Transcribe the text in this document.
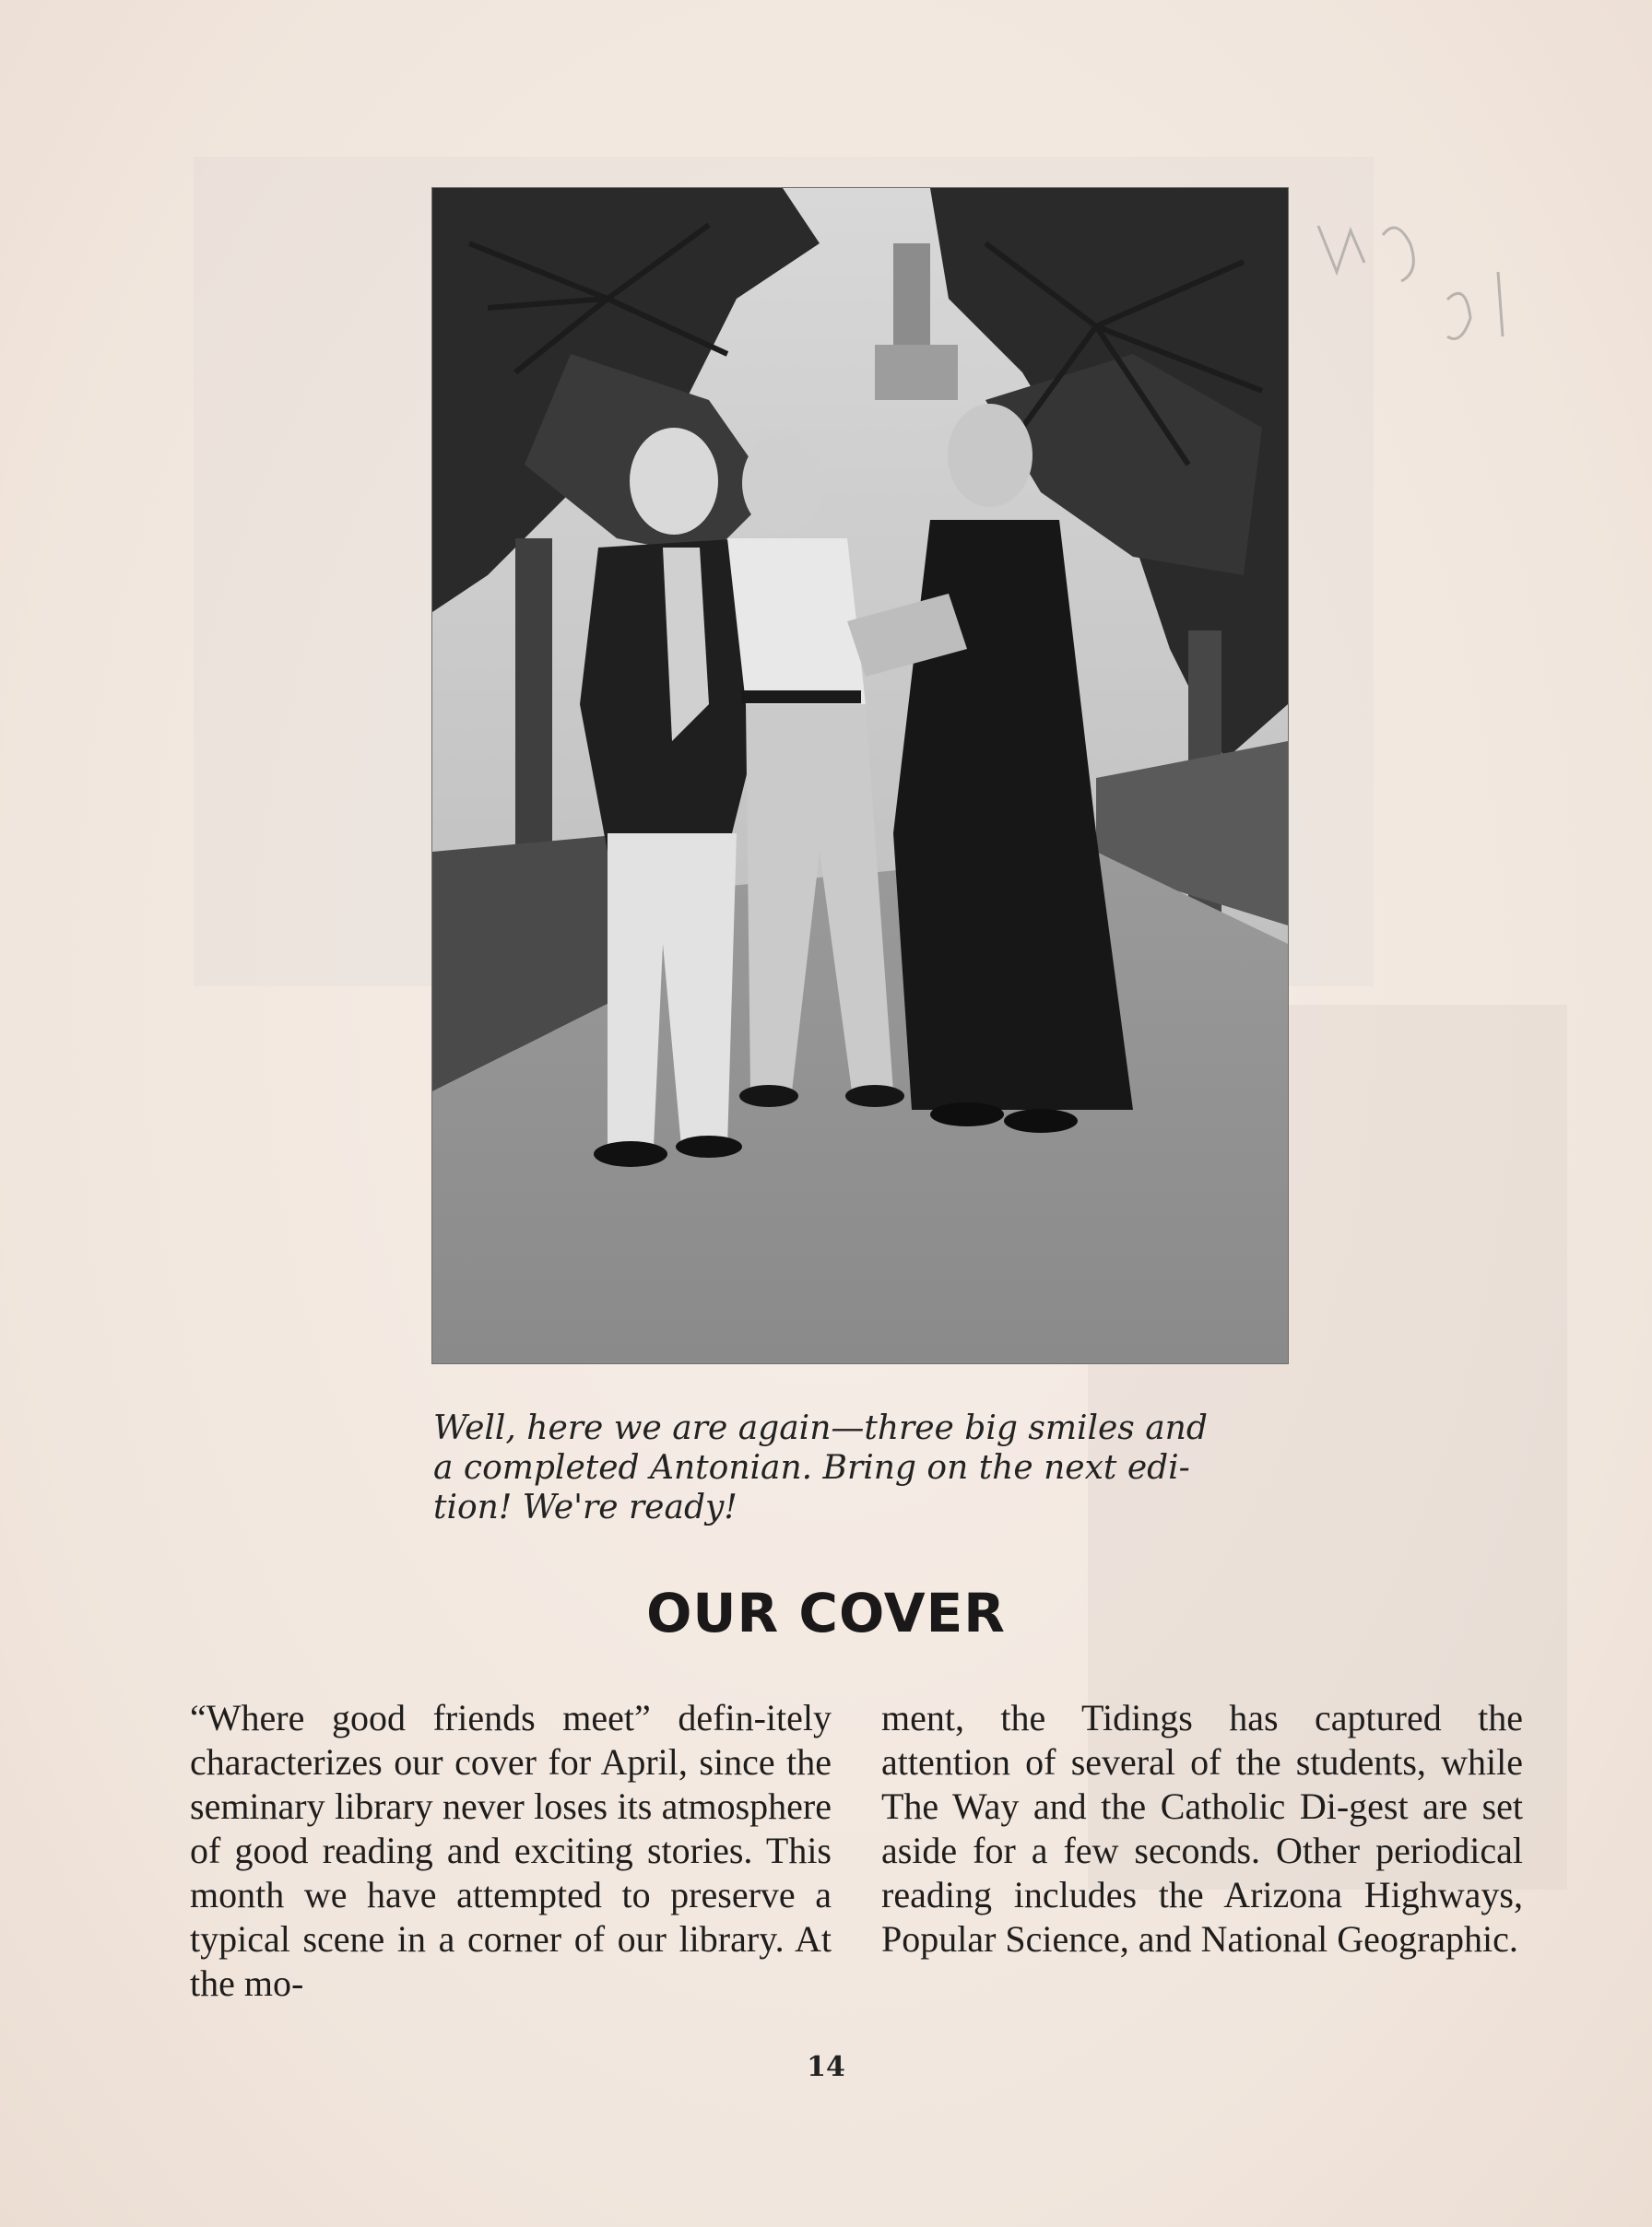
Well, here we are again—three big smiles and
a completed Antonian. Bring on the next edi-
tion! We're ready!
OUR COVER
“Where good friends meet” defin-itely characterizes our cover for April, since the seminary library never loses its atmosphere of good reading and exciting stories. This month we have attempted to preserve a typical scene in a corner of our library. At the mo-
ment, the Tidings has captured the attention of several of the students, while The Way and the Catholic Di-gest are set aside for a few seconds. Other periodical reading includes the Arizona Highways, Popular Science, and National Geographic.
14
